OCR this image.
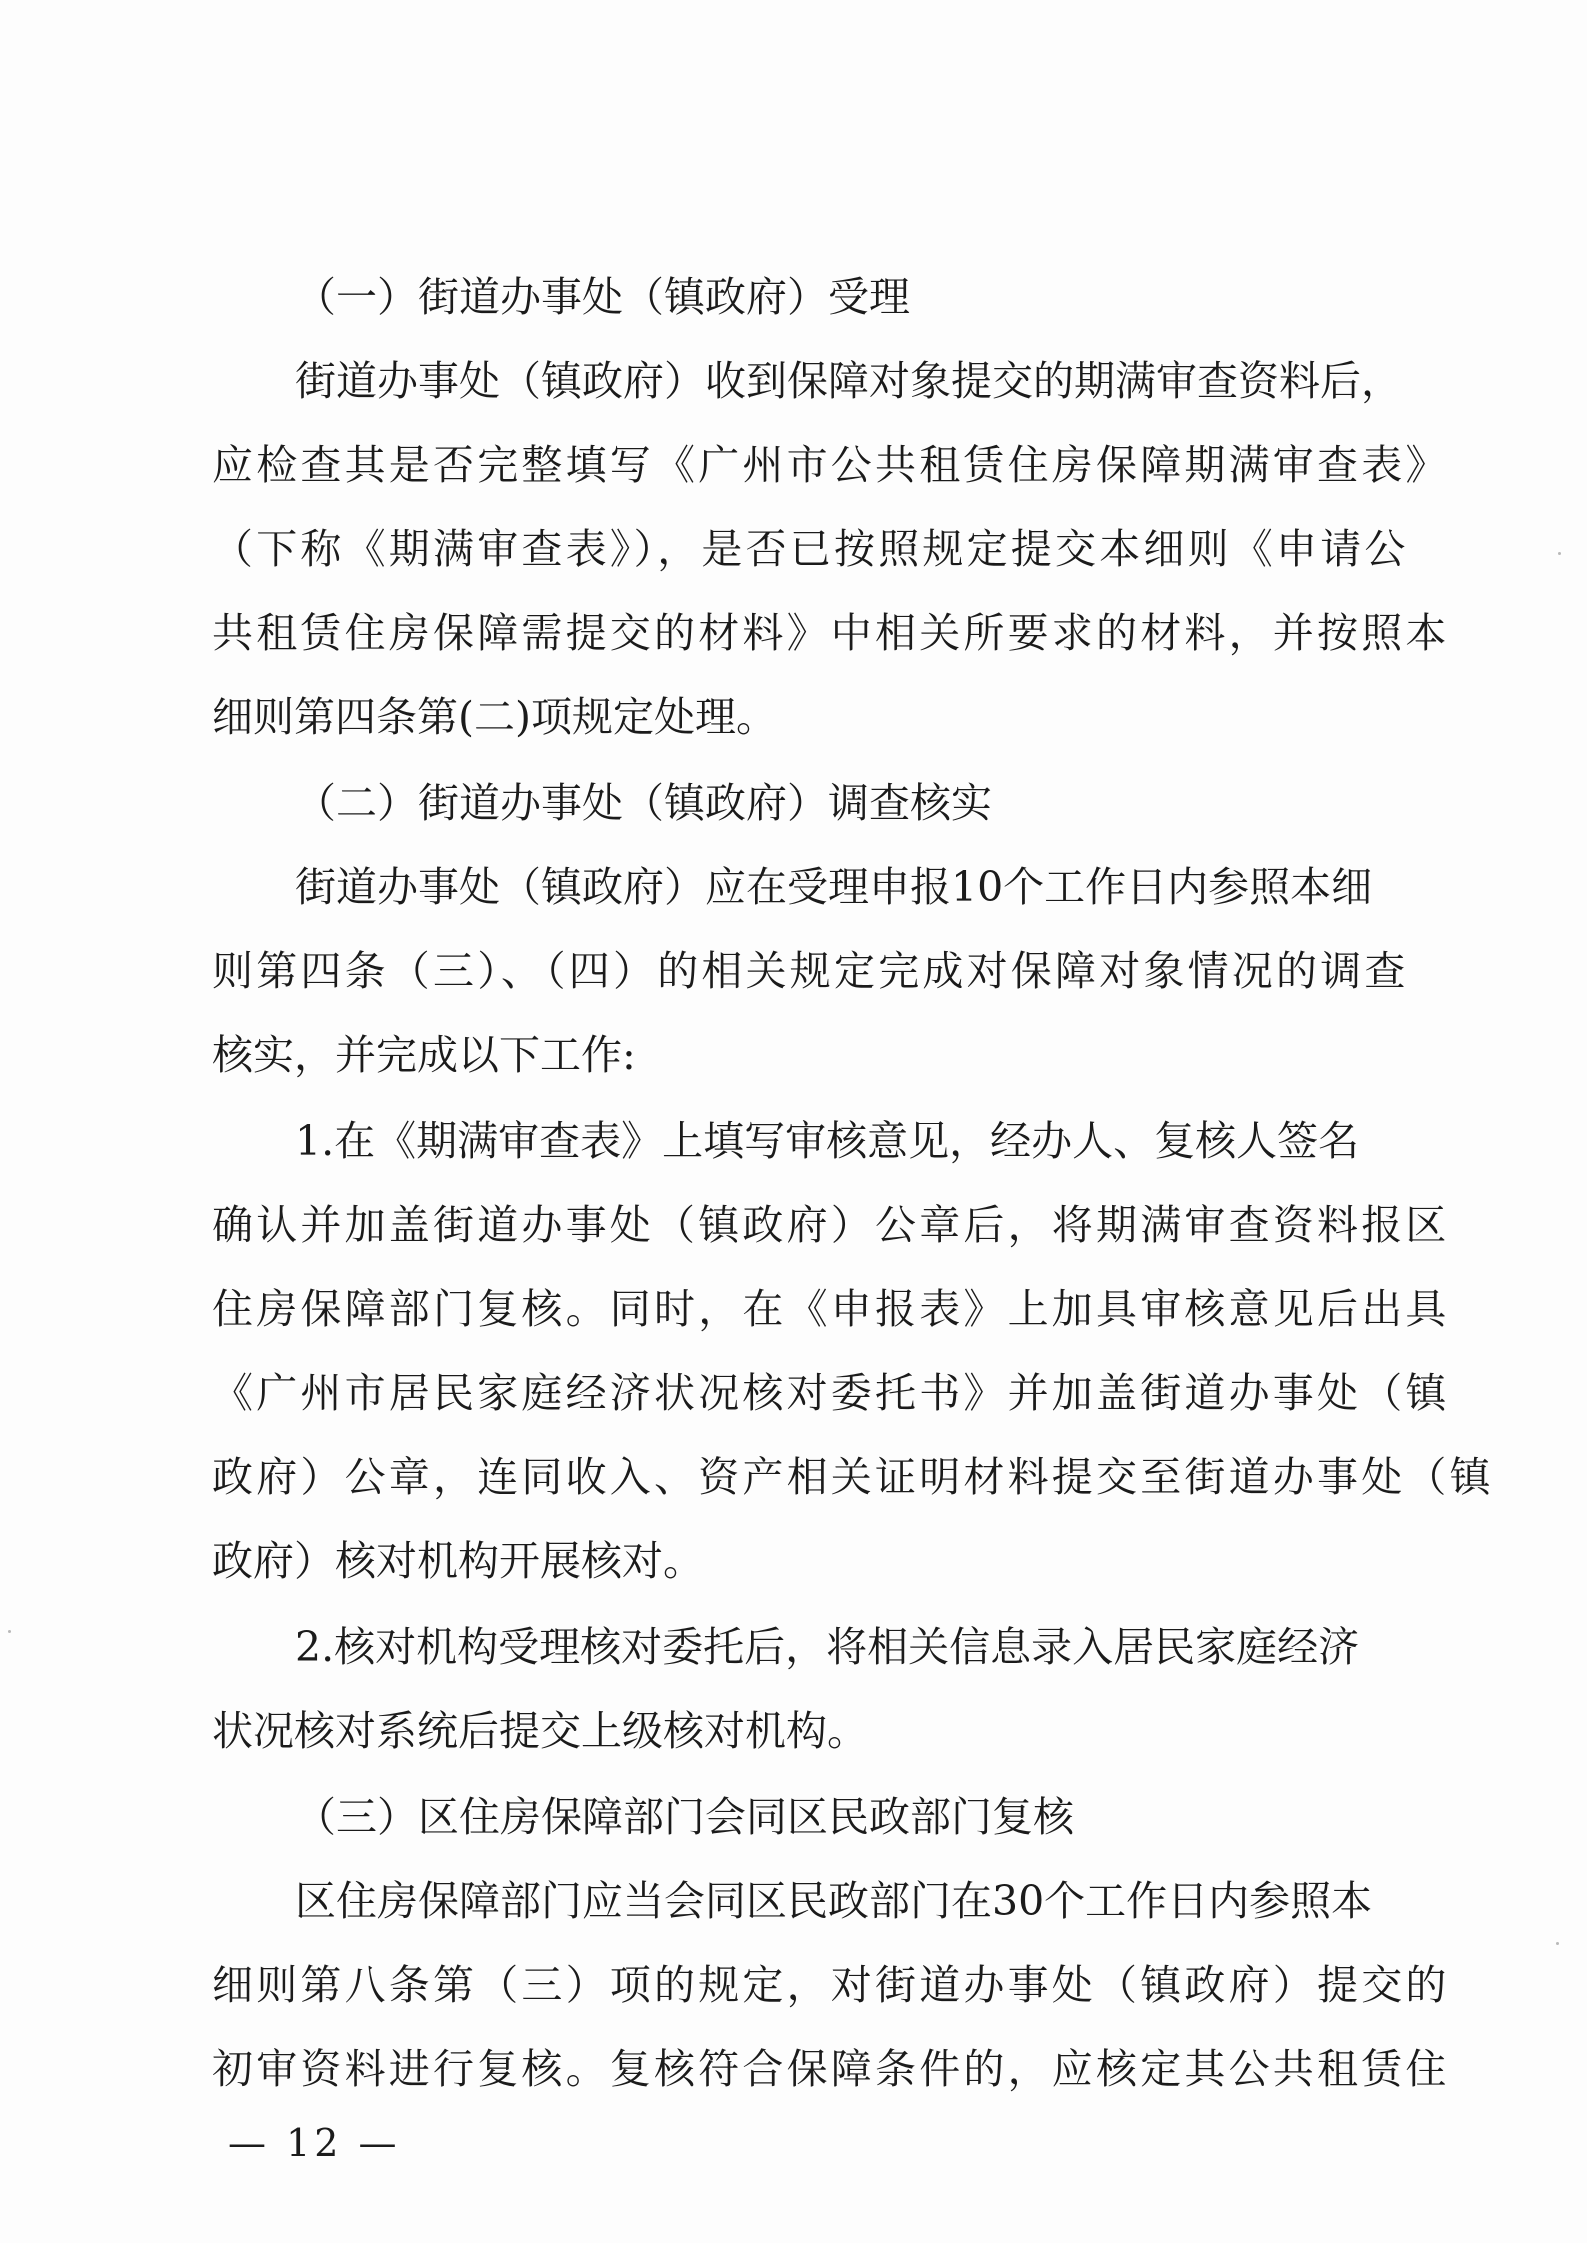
（一）街道办事处（镇政府）受理
街道办事处（镇政府）收到保障对象提交的期满审查资料后，
应检查其是否完整填写《广州市公共租赁住房保障期满审查表》
（下称《期满审查表》），是否已按照规定提交本细则《申请公
共租赁住房保障需提交的材料》中相关所要求的材料，并按照本
细则第四条第(二)项规定处理。
（二）街道办事处（镇政府）调查核实
街道办事处（镇政府）应在受理申报10个工作日内参照本细
则第四条（三）、（四）的相关规定完成对保障对象情况的调查
核实，并完成以下工作:
1.在《期满审查表》上填写审核意见，经办人、复核人签名
确认并加盖街道办事处（镇政府）公章后，将期满审查资料报区
住房保障部门复核。同时，在《申报表》上加具审核意见后出具
《广州市居民家庭经济状况核对委托书》并加盖街道办事处（镇
政府）公章，连同收入、资产相关证明材料提交至街道办事处（镇
政府）核对机构开展核对。
2.核对机构受理核对委托后，将相关信息录入居民家庭经济
状况核对系统后提交上级核对机构。
（三）区住房保障部门会同区民政部门复核
区住房保障部门应当会同区民政部门在30个工作日内参照本
细则第八条第（三）项的规定，对街道办事处（镇政府）提交的
初审资料进行复核。复核符合保障条件的，应核定其公共租赁住
— 12 —
